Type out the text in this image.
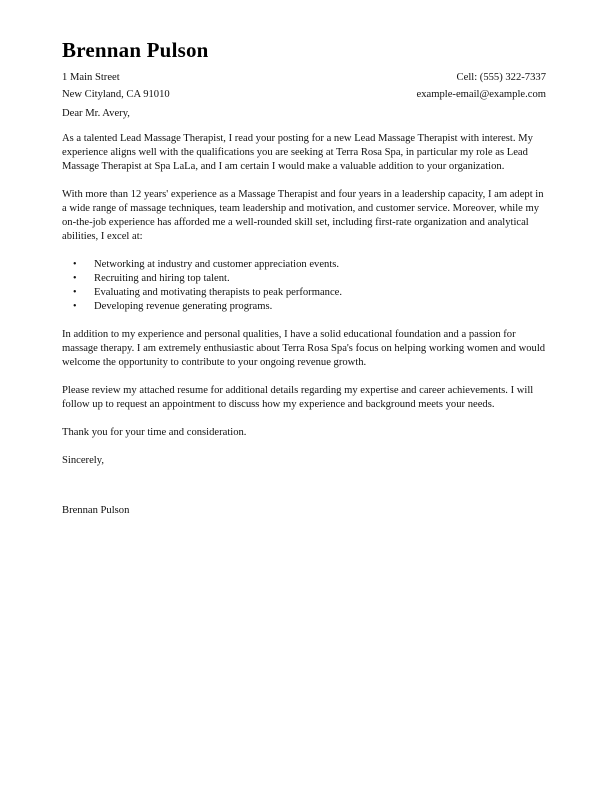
Brennan Pulson
1 Main Street
New Cityland, CA 91010
Cell: (555) 322-7337
example-email@example.com

Dear Mr. Avery,

As a talented Lead Massage Therapist, I read your posting for a new Lead Massage Therapist with interest. My experience aligns well with the qualifications you are seeking at Terra Rosa Spa, in particular my role as Lead Massage Therapist at Spa LaLa, and I am certain I would make a valuable addition to your organization.

With more than 12 years' experience as a Massage Therapist and four years in a leadership capacity, I am adept in a wide range of massage techniques, team leadership and motivation, and customer service. Moreover, while my on-the-job experience has afforded me a well-rounded skill set, including first-rate organization and analytical abilities, I excel at:

• Networking at industry and customer appreciation events.
• Recruiting and hiring top talent.
• Evaluating and motivating therapists to peak performance.
• Developing revenue generating programs.

In addition to my experience and personal qualities, I have a solid educational foundation and a passion for massage therapy. I am extremely enthusiastic about Terra Rosa Spa's focus on helping working women and would welcome the opportunity to contribute to your ongoing revenue growth.

Please review my attached resume for additional details regarding my expertise and career achievements. I will follow up to request an appointment to discuss how my experience and background meets your needs.

Thank you for your time and consideration.

Sincerely,

Brennan Pulson
